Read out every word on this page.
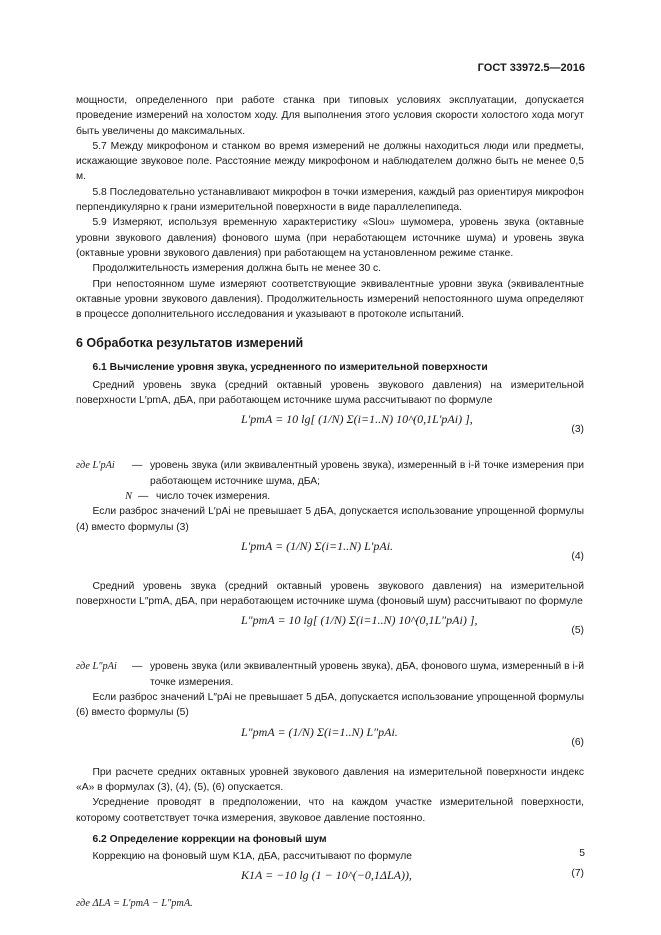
ГОСТ 33972.5—2016

мощности, определенного при работе станка при типовых условиях эксплуатации, допускается проведение измерений на холостом ходу. Для выполнения этого условия скорости холостого хода могут быть увеличены до максимальных.

5.7 Между микрофоном и станком во время измерений не должны находиться люди или предметы, искажающие звуковое поле. Расстояние между микрофоном и наблюдателем должно быть не менее 0,5 м.

5.8 Последовательно устанавливают микрофон в точки измерения, каждый раз ориентируя микрофон перпендикулярно к грани измерительной поверхности в виде параллелепипеда.

5.9 Измеряют, используя временную характеристику «Slou» шумомера, уровень звука (октавные уровни звукового давления) фонового шума (при неработающем источнике шума) и уровень звука (октавные уровни звукового давления) при работающем на установленном режиме станке.

Продолжительность измерения должна быть не менее 30 с.

При непостоянном шуме измеряют соответствующие эквивалентные уровни звука (эквивалентные октавные уровни звукового давления). Продолжительность измерений непостоянного шума определяют в процессе дополнительного исследования и указывают в протоколе испытаний.

6 Обработка результатов измерений
6.1 Вычисление уровня звука, усредненного по измерительной поверхности

Средний уровень звука (средний октавный уровень звукового давления) на измерительной поверхности L′pmA, дБА, при работающем источнике шума рассчитывают по формуле

L′pmA = 10 lg[ (1/N) Σ(i=1..N) 10^(0,1L′pAi) ],
(3)
где L′pAi	— уровень звука (или эквивалентный уровень звука), измеренный в i-й точке измерения при работающем источнике шума, дБА;
N — число точек измерения.

Если разброс значений L′pAi не превышает 5 дБА, допускается использование упрощенной формулы (4) вместо формулы (3)

L′pmA = (1/N) Σ(i=1..N) L′pAi.
(4)

Средний уровень звука (средний октавный уровень звукового давления) на измерительной поверхности L″pmA, дБА, при неработающем источнике шума (фоновый шум) рассчитывают по формуле

L″pmA = 10 lg[ (1/N) Σ(i=1..N) 10^(0,1L″pAi) ],
(5)
где L″pAi	— уровень звука (или эквивалентный уровень звука), дБА, фонового шума, измеренный в i-й точке измерения.

Если разброс значений L″pAi не превышает 5 дБА, допускается использование упрощенной формулы (6) вместо формулы (5)

L″pmA = (1/N) Σ(i=1..N) L″pAi.
(6)

При расчете средних октавных уровней звукового давления на измерительной поверхности индекс «А» в формулах (3), (4), (5), (6) опускается.

Усреднение проводят в предположении, что на каждом участке измерительной поверхности, которому соответствует точка измерения, звуковое давление постоянно.

6.2 Определение коррекции на фоновый шум

Коррекцию на фоновый шум K1A, дБА, рассчитывают по формуле

K1A = −10 lg (1 − 10^(−0,1ΔLA)),	(7)

где ΔLA = L′pmA − L″pmA.

5
